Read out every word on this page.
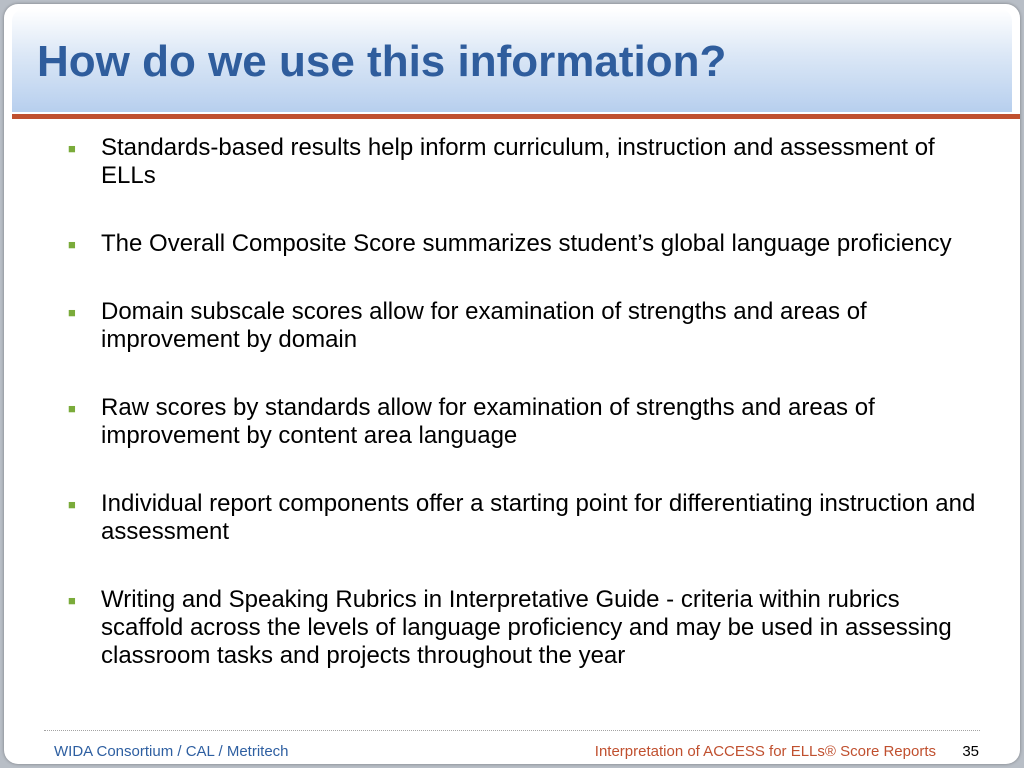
How do we use this information?
■ Standards-based results help inform curriculum, instruction and assessment of ELLs
■ The Overall Composite Score summarizes student’s global language proficiency
■ Domain subscale scores allow for examination of strengths and areas of improvement by domain
■ Raw scores by standards allow for examination of strengths and areas of improvement by content area language
■ Individual report components offer a starting point for differentiating instruction and assessment
■ Writing and Speaking Rubrics in Interpretative Guide - criteria within rubrics scaffold across the levels of language proficiency and may be used in assessing classroom tasks and projects throughout the year
WIDA Consortium / CAL / Metritech	Interpretation of ACCESS for ELLs® Score Reports 35
